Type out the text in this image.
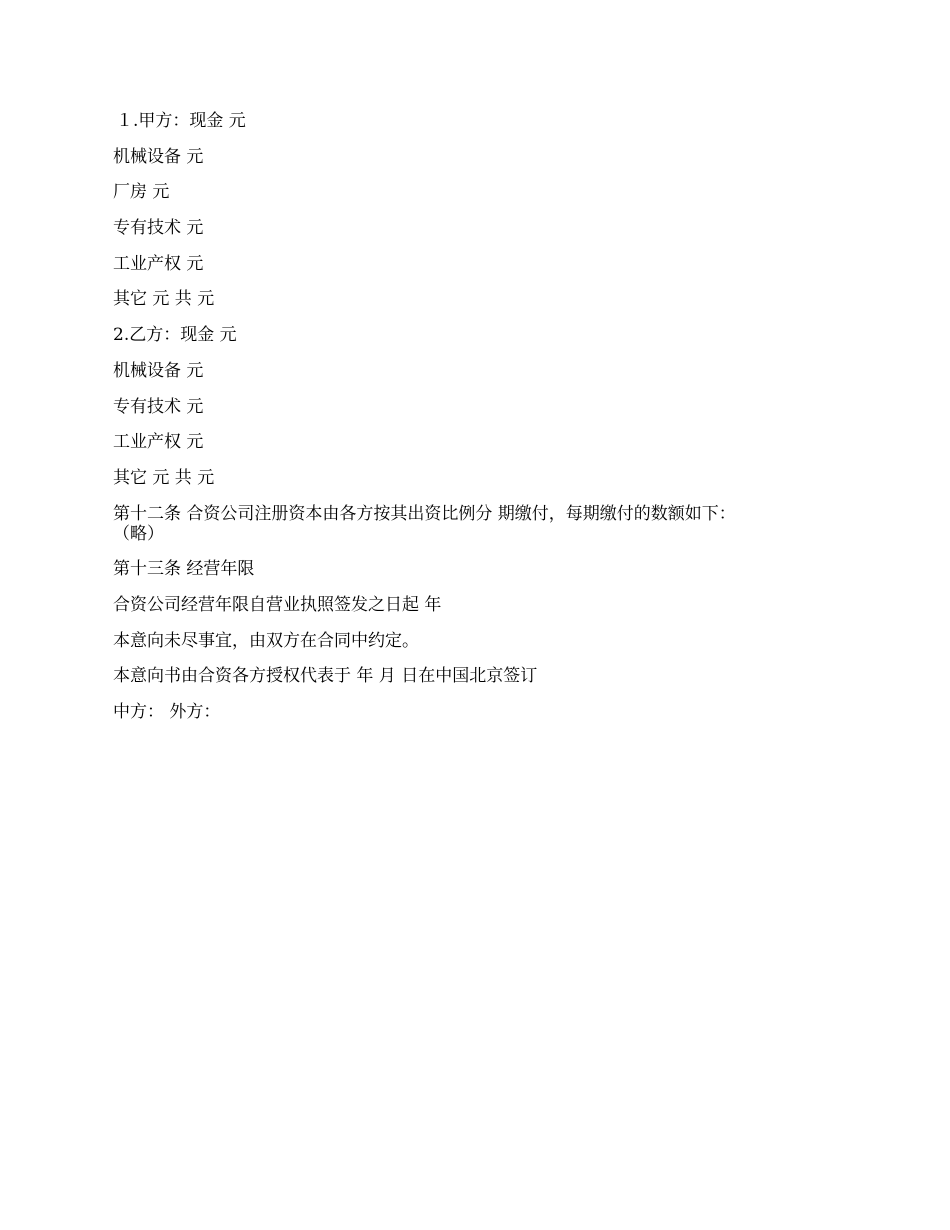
１.甲方：现金 元
机械设备 元
厂房 元
专有技术 元
工业产权 元
其它 元 共 元
2.乙方：现金 元
机械设备 元
专有技术 元
工业产权 元
其它 元 共 元
第十二条 合资公司注册资本由各方按其出资比例分 期缴付，每期缴付的数额如下：
（略）
第十三条 经营年限
合资公司经营年限自营业执照签发之日起 年
本意向未尽事宜，由双方在合同中约定。
本意向书由合资各方授权代表于 年 月 日在中国北京签订
中方： 外方：
